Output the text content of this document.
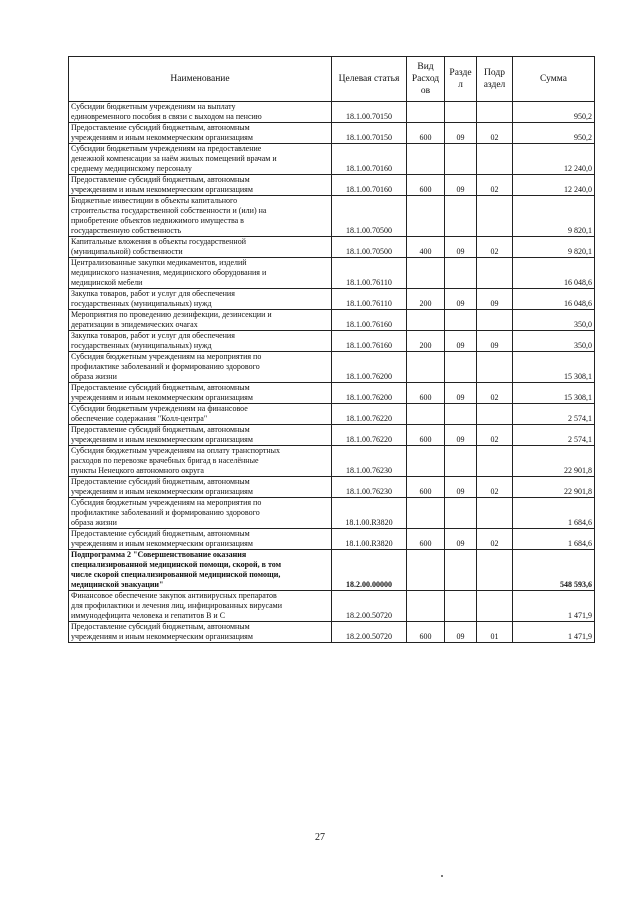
Наименование	Целевая статья	Вид Расход ов	Разде л	Подр аздел	Сумма
Субсидии бюджетным учреждениям на выплату
единовременного пособия в связи с выходом на пенсию	18.1.00.70150				950,2
Предоставление субсидий бюджетным, автономным
учреждениям и иным некоммерческим организациям	18.1.00.70150	600	09	02	950,2
Субсидии бюджетным учреждениям на предоставление
денежной компенсации за наём жилых помещений врачам и
среднему медицинскому персоналу	18.1.00.70160				12 240,0
Предоставление субсидий бюджетным, автономным
учреждениям и иным некоммерческим организациям	18.1.00.70160	600	09	02	12 240,0
Бюджетные инвестиции в объекты капитального
строительства государственной собственности и (или) на
приобретение объектов недвижимого имущества в
государственную собственность	18.1.00.70500				9 820,1
Капитальные вложения в объекты государственной
(муниципальной) собственности	18.1.00.70500	400	09	02	9 820,1
Централизованные закупки медикаментов, изделий
медицинского назначения, медицинского оборудования и
медицинской мебели	18.1.00.76110				16 048,6
Закупка товаров, работ и услуг для обеспечения
государственных (муниципальных) нужд	18.1.00.76110	200	09	09	16 048,6
Мероприятия по проведению дезинфекции, дезинсекции и
дератизации в эпидемических очагах	18.1.00.76160				350,0
Закупка товаров, работ и услуг для обеспечения
государственных (муниципальных) нужд	18.1.00.76160	200	09	09	350,0
Субсидия бюджетным учреждениям на мероприятия по
профилактике заболеваний и формированию здорового
образа жизни	18.1.00.76200				15 308,1
Предоставление субсидий бюджетным, автономным
учреждениям и иным некоммерческим организациям	18.1.00.76200	600	09	02	15 308,1
Субсидии бюджетным учреждениям на финансовое
обеспечение содержания "Колл-центра"	18.1.00.76220				2 574,1
Предоставление субсидий бюджетным, автономным
учреждениям и иным некоммерческим организациям	18.1.00.76220	600	09	02	2 574,1
Субсидия бюджетным учреждениям на оплату транспортных
расходов по перевозке врачебных бригад в населённые
пункты Ненецкого автономного округа	18.1.00.76230				22 901,8
Предоставление субсидий бюджетным, автономным
учреждениям и иным некоммерческим организациям	18.1.00.76230	600	09	02	22 901,8
Субсидия бюджетным учреждениям на мероприятия по
профилактике заболеваний и формированию здорового
образа жизни	18.1.00.R3820				1 684,6
Предоставление субсидий бюджетным, автономным
учреждениям и иным некоммерческим организациям	18.1.00.R3820	600	09	02	1 684,6
Подпрограмма 2 "Совершенствование оказания
специализированной медицинской помощи, скорой, в том
числе скорой специализированной медицинской помощи,
медицинской эвакуации"	18.2.00.00000				548 593,6
Финансовое обеспечение закупок антивирусных препаратов
для профилактики и лечения лиц, инфицированных вирусами
иммунодефицита человека и гепатитов В и С	18.2.00.50720				1 471,9
Предоставление субсидий бюджетным, автономным
учреждениям и иным некоммерческим организациям	18.2.00.50720	600	09	01	1 471,9
27
